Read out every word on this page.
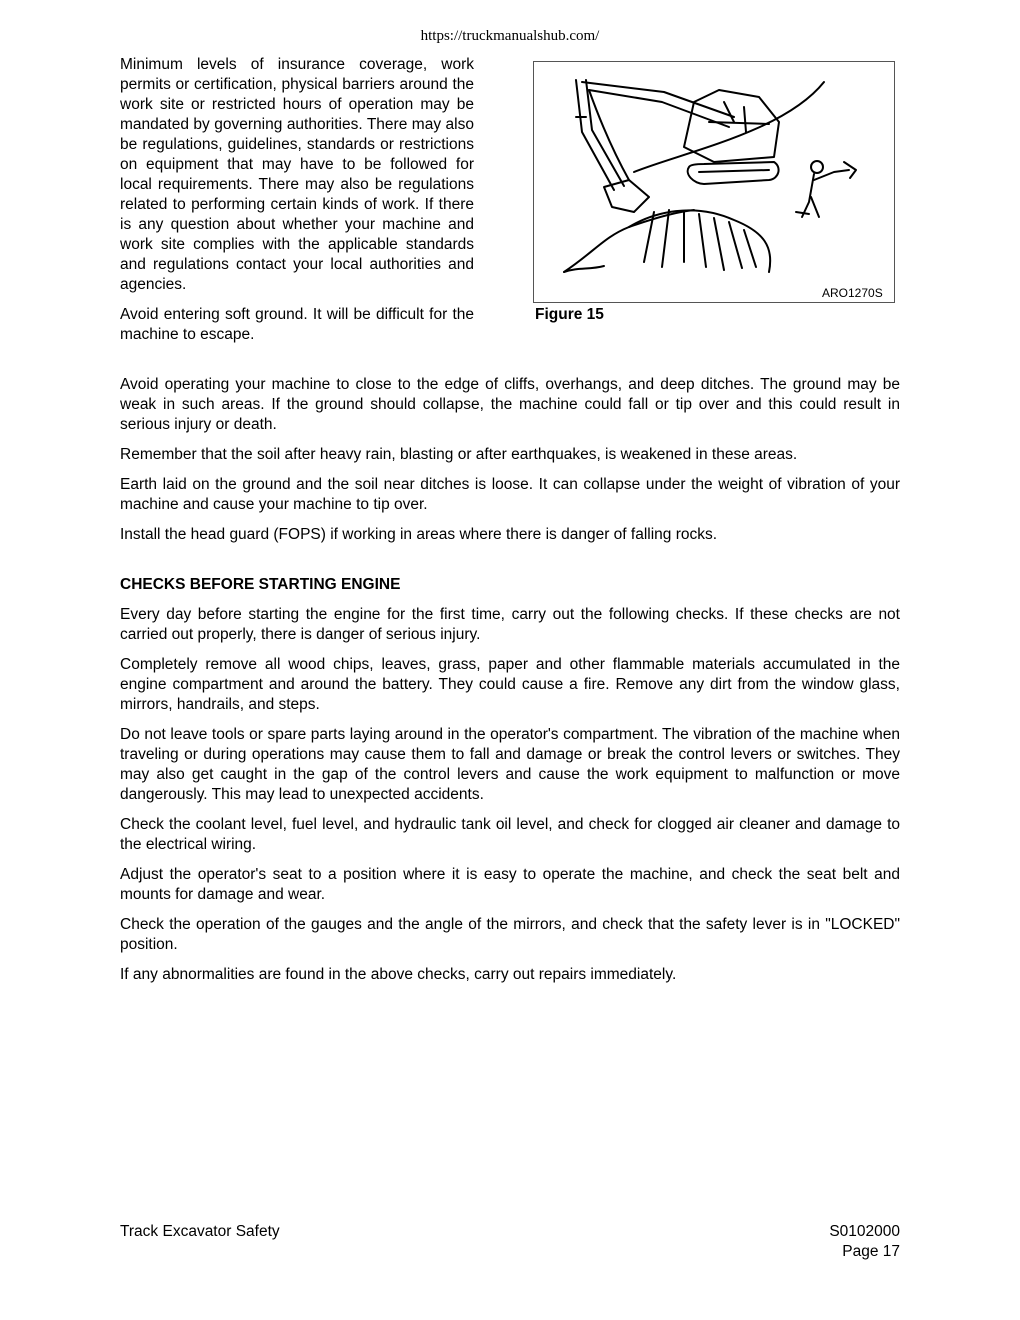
https://truckmanualshub.com/

Minimum levels of insurance coverage, work permits or certification, physical barriers around the work site or restricted hours of operation may be mandated by governing authorities. There may also be regulations, guidelines, standards or restrictions on equipment that may have to be followed for local requirements. There may also be regulations related to performing certain kinds of work. If there is any question about whether your machine and work site complies with the applicable standards and regulations contact your local authorities and agencies.

Avoid entering soft ground. It will be difficult for the machine to escape.

ARO1270S
Figure 15

Avoid operating your machine to close to the edge of cliffs, overhangs, and deep ditches. The ground may be weak in such areas. If the ground should collapse, the machine could fall or tip over and this could result in serious injury or death.

Remember that the soil after heavy rain, blasting or after earthquakes, is weakened in these areas.

Earth laid on the ground and the soil near ditches is loose. It can collapse under the weight of vibration of your machine and cause your machine to tip over.

Install the head guard (FOPS) if working in areas where there is danger of falling rocks.

CHECKS BEFORE STARTING ENGINE

Every day before starting the engine for the first time, carry out the following checks. If these checks are not carried out properly, there is danger of serious injury.

Completely remove all wood chips, leaves, grass, paper and other flammable materials accumulated in the engine compartment and around the battery. They could cause a fire. Remove any dirt from the window glass, mirrors, handrails, and steps.

Do not leave tools or spare parts laying around in the operator's compartment. The vibration of the machine when traveling or during operations may cause them to fall and damage or break the control levers or switches. They may also get caught in the gap of the control levers and cause the work equipment to malfunction or move dangerously. This may lead to unexpected accidents.

Check the coolant level, fuel level, and hydraulic tank oil level, and check for clogged air cleaner and damage to the electrical wiring.

Adjust the operator's seat to a position where it is easy to operate the machine, and check the seat belt and mounts for damage and wear.

Check the operation of the gauges and the angle of the mirrors, and check that the safety lever is in "LOCKED" position.

If any abnormalities are found in the above checks, carry out repairs immediately.

Track Excavator Safety	S0102000
Page 17
